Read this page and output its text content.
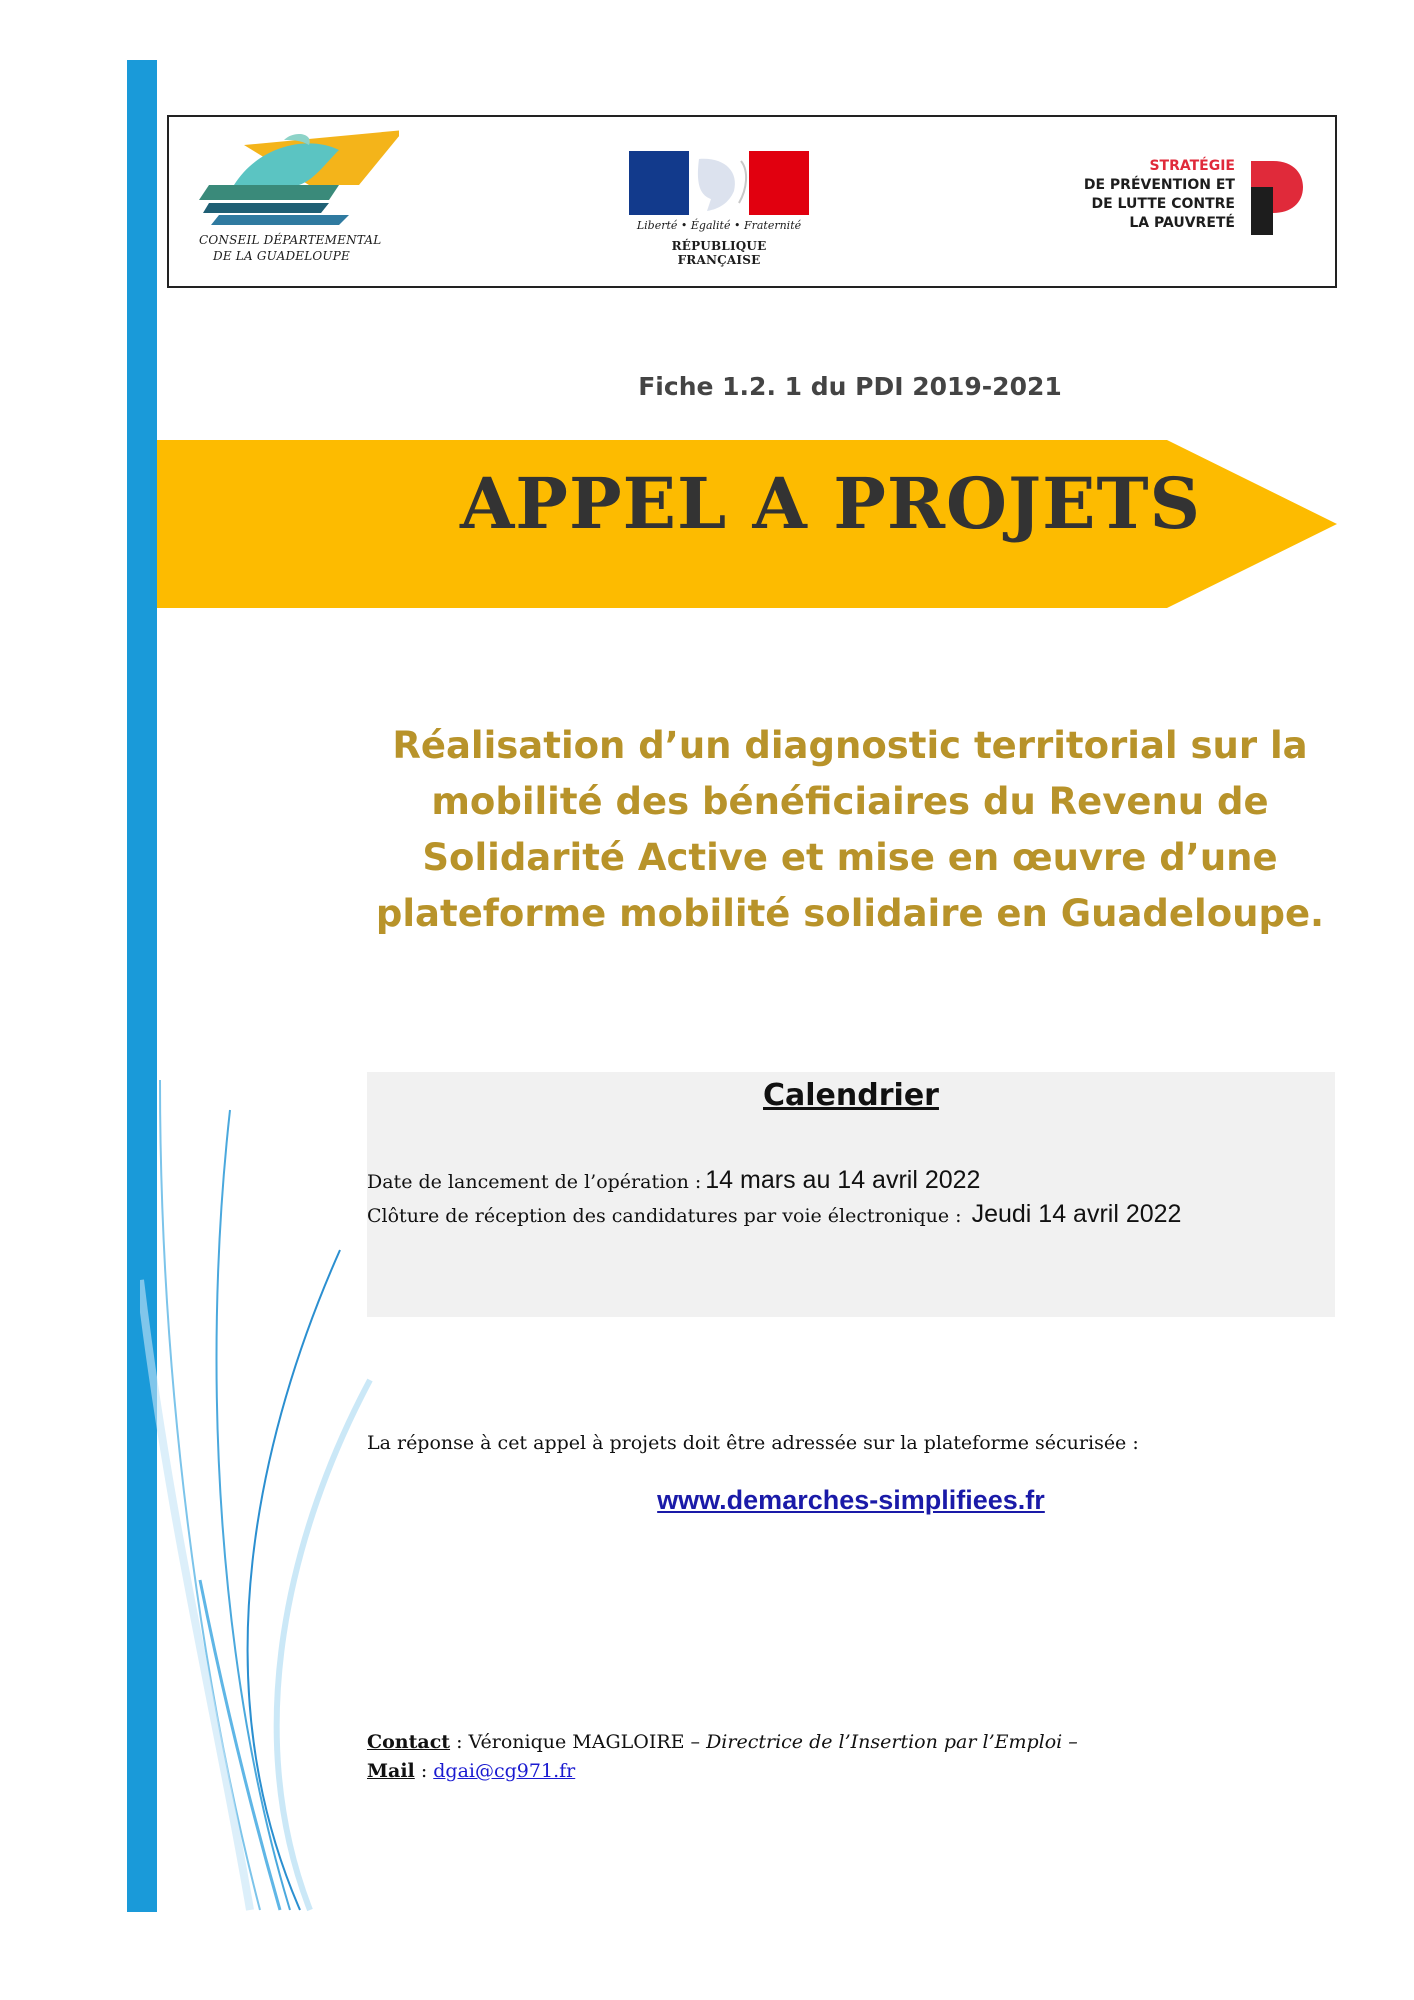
CONSEIL DÉPARTEMENTAL
DE LA GUADELOUPE
Liberté • Égalité • Fraternité
RÉPUBLIQUE FRANÇAISE
STRATÉGIE
DE PRÉVENTION ET
DE LUTTE CONTRE
LA PAUVRETÉ
Fiche 1.2. 1 du PDI 2019-2021
APPEL A PROJETS
Réalisation d’un diagnostic territorial sur la
mobilité des bénéficiaires du Revenu de
Solidarité Active et mise en œuvre d’une
plateforme mobilité solidaire en Guadeloupe.
Calendrier
Date de lancement de l’opération : 14 mars au 14 avril 2022
Clôture de réception des candidatures par voie électronique : Jeudi 14 avril 2022
La réponse à cet appel à projets doit être adressée sur la plateforme sécurisée :
www.demarches-simplifiees.fr
Contact : Véronique MAGLOIRE – Directrice de l’Insertion par l’Emploi –
Mail : dgai@cg971.fr
